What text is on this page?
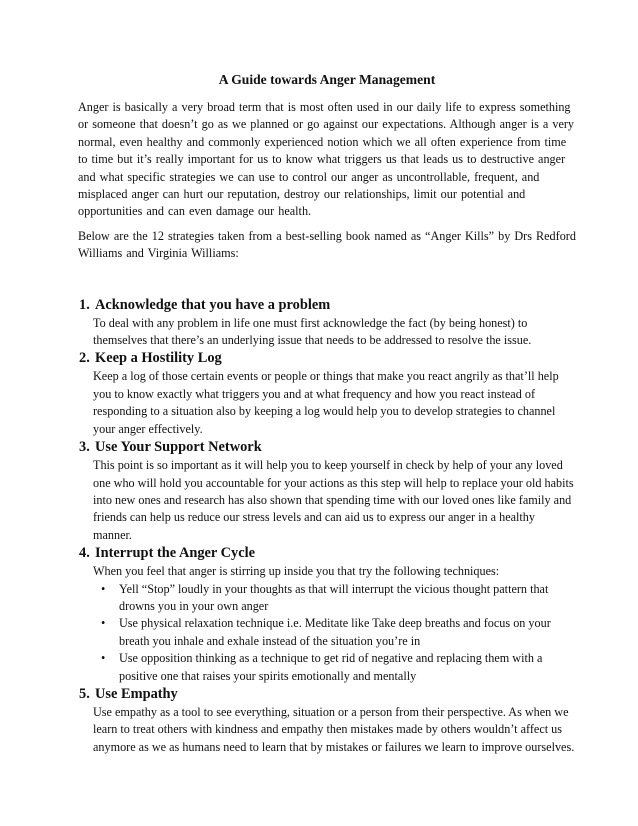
A Guide towards Anger Management

Anger is basically a very broad term that is most often used in our daily life to express something or someone that doesn’t go as we planned or go against our expectations. Although anger is a very normal, even healthy and commonly experienced notion which we all often experience from time to time but it’s really important for us to know what triggers us that leads us to destructive anger and what specific strategies we can use to control our anger as uncontrollable, frequent, and misplaced anger can hurt our reputation, destroy our relationships, limit our potential and opportunities and can even damage our health.

Below are the 12 strategies taken from a best-selling book named as “Anger Kills” by Drs Redford Williams and Virginia Williams:

1. Acknowledge that you have a problem
To deal with any problem in life one must first acknowledge the fact (by being honest) to themselves that there’s an underlying issue that needs to be addressed to resolve the issue.
2. Keep a Hostility Log
Keep a log of those certain events or people or things that make you react angrily as that’ll help you to know exactly what triggers you and at what frequency and how you react instead of responding to a situation also by keeping a log would help you to develop strategies to channel your anger effectively.
3. Use Your Support Network
This point is so important as it will help you to keep yourself in check by help of your any loved one who will hold you accountable for your actions as this step will help to replace your old habits into new ones and research has also shown that spending time with our loved ones like family and friends can help us reduce our stress levels and can aid us to express our anger in a healthy manner.
4. Interrupt the Anger Cycle
When you feel that anger is stirring up inside you that try the following techniques:
• Yell “Stop” loudly in your thoughts as that will interrupt the vicious thought pattern that drowns you in your own anger
• Use physical relaxation technique i.e. Meditate like Take deep breaths and focus on your breath you inhale and exhale instead of the situation you’re in
• Use opposition thinking as a technique to get rid of negative and replacing them with a positive one that raises your spirits emotionally and mentally
5. Use Empathy
Use empathy as a tool to see everything, situation or a person from their perspective. As when we learn to treat others with kindness and empathy then mistakes made by others wouldn’t affect us anymore as we as humans need to learn that by mistakes or failures we learn to improve ourselves.
